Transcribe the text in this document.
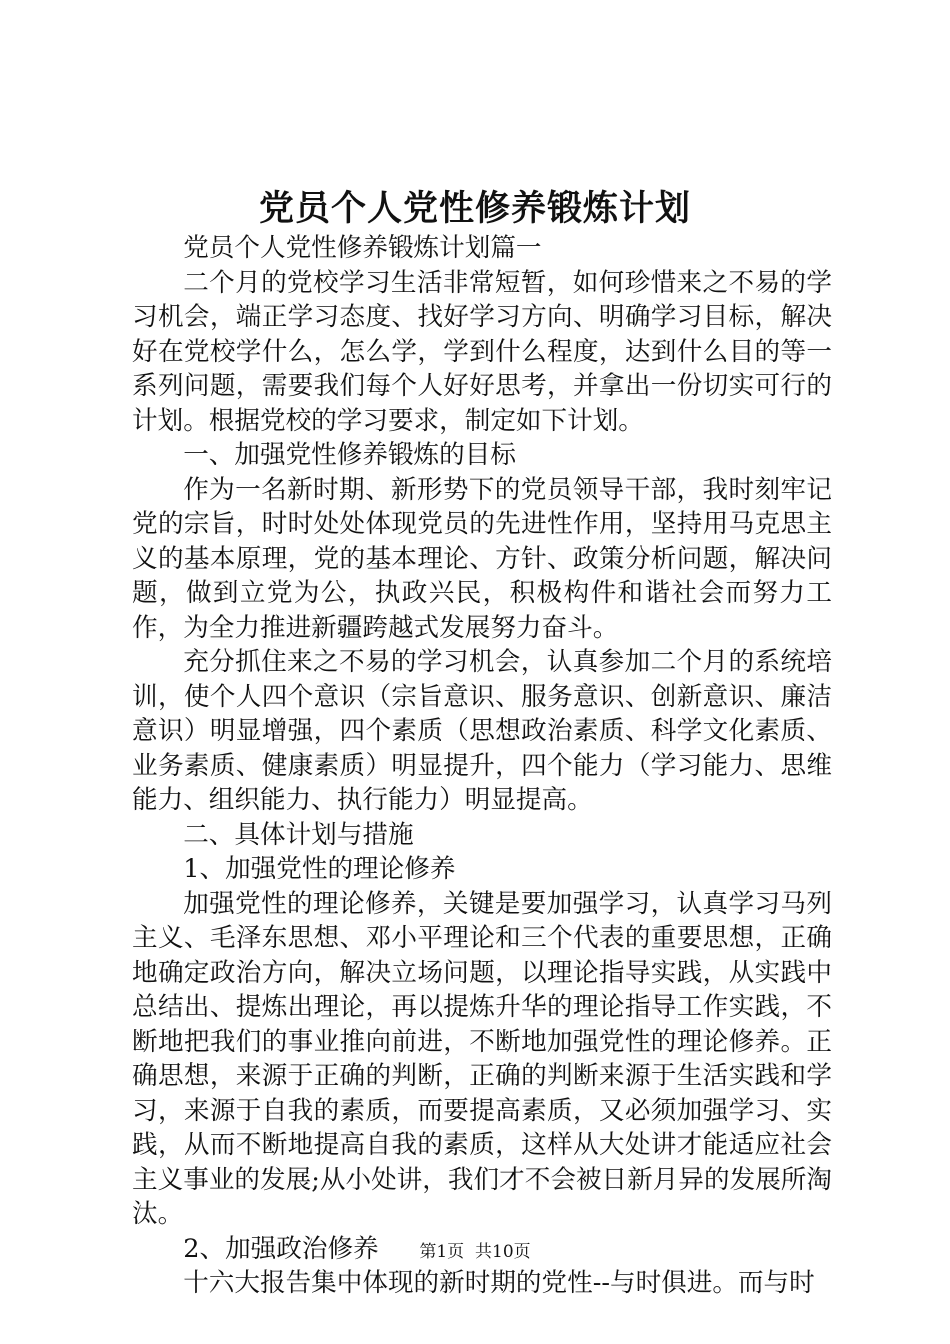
党员个人党性修养锻炼计划

党员个人党性修养锻炼计划篇一

二个月的党校学习生活非常短暂，如何珍惜来之不易的学习机会，端正学习态度、找好学习方向、明确学习目标，解决好在党校学什么，怎么学，学到什么程度，达到什么目的等一系列问题，需要我们每个人好好思考，并拿出一份切实可行的计划。根据党校的学习要求，制定如下计划。

一、加强党性修养锻炼的目标

作为一名新时期、新形势下的党员领导干部，我时刻牢记党的宗旨，时时处处体现党员的先进性作用，坚持用马克思主义的基本原理，党的基本理论、方针、政策分析问题，解决问题，做到立党为公，执政兴民，积极构件和谐社会而努力工作，为全力推进新疆跨越式发展努力奋斗。

充分抓住来之不易的学习机会，认真参加二个月的系统培训，使个人四个意识（宗旨意识、服务意识、创新意识、廉洁意识）明显增强，四个素质（思想政治素质、科学文化素质、业务素质、健康素质）明显提升，四个能力（学习能力、思维能力、组织能力、执行能力）明显提高。

二、具体计划与措施

1、加强党性的理论修养

加强党性的理论修养，关键是要加强学习，认真学习马列主义、毛泽东思想、邓小平理论和三个代表的重要思想，正确地确定政治方向，解决立场问题，以理论指导实践，从实践中总结出、提炼出理论，再以提炼升华的理论指导工作实践，不断地把我们的事业推向前进，不断地加强党性的理论修养。正确思想，来源于正确的判断，正确的判断来源于生活实践和学习，来源于自我的素质，而要提高素质，又必须加强学习、实践，从而不断地提高自我的素质，这样从大处讲才能适应社会主义事业的发展;从小处讲，我们才不会被日新月异的发展所淘汰。

2、加强政治修养

十六大报告集中体现的新时期的党性--与时俱进。而与时

第1页 共10页
